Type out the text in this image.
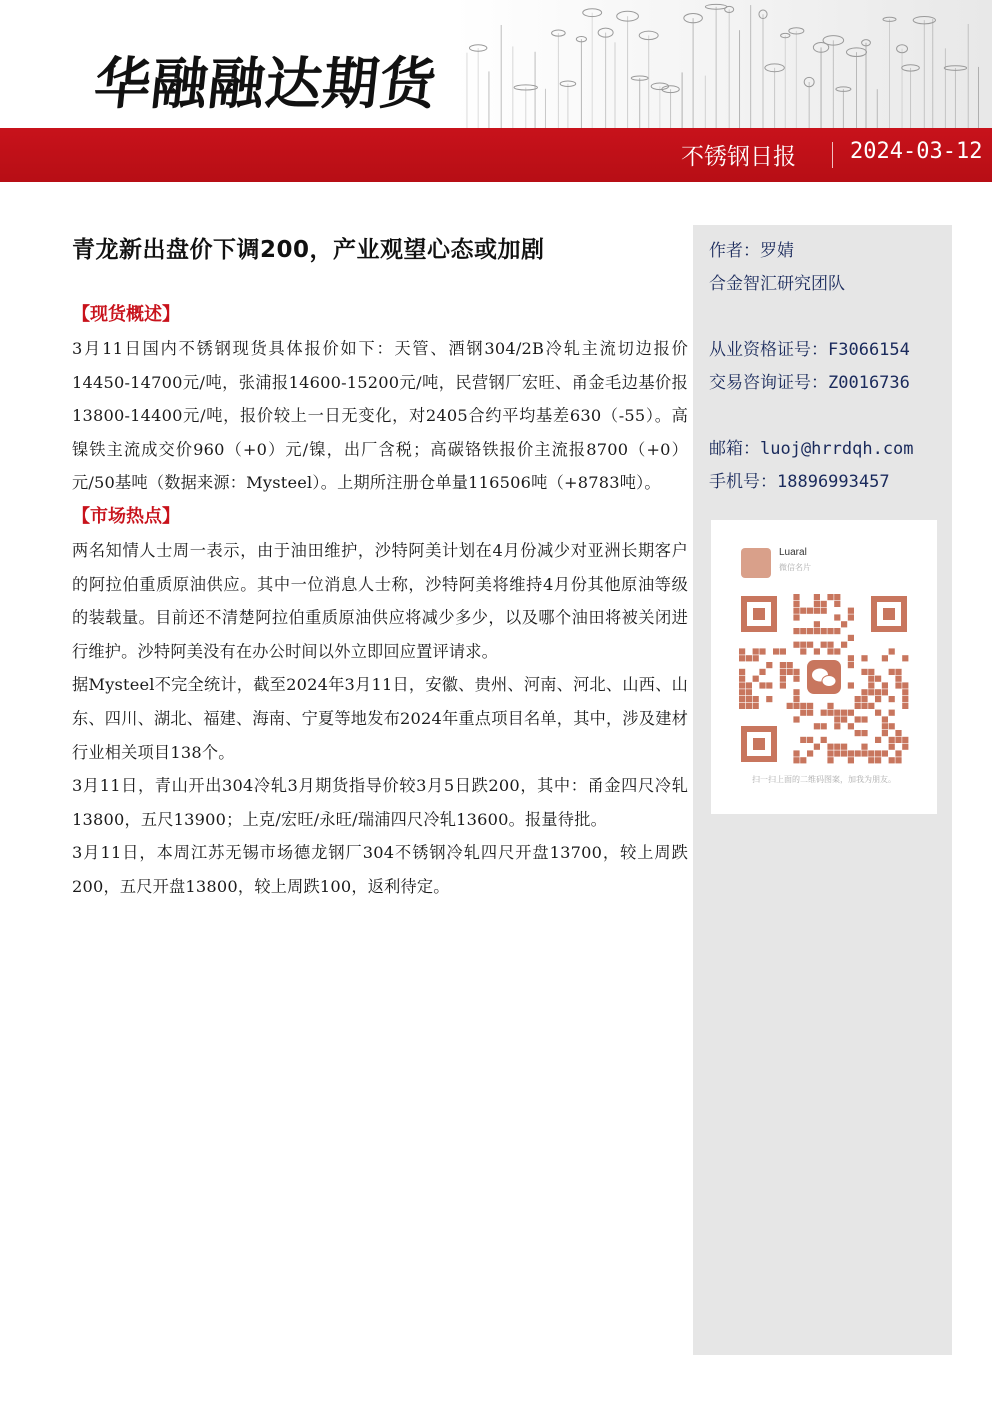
华融融达期货
不锈钢日报 2024-03-12
青龙新出盘价下调200，产业观望心态或加剧
【现货概述】

3月11日国内不锈钢现货具体报价如下：天管、酒钢304/2B冷轧主流切边报价14450-14700元/吨，张浦报14600-15200元/吨，民营钢厂宏旺、甬金毛边基价报13800-14400元/吨，报价较上一日无变化，对2405合约平均基差630（-55）。高镍铁主流成交价960（+0）元/镍，出厂含税；高碳铬铁报价主流报8700（+0）元/50基吨（数据来源：Mysteel）。上期所注册仓单量116506吨（+8783吨）。

【市场热点】

两名知情人士周一表示，由于油田维护，沙特阿美计划在4月份减少对亚洲长期客户的阿拉伯重质原油供应。其中一位消息人士称，沙特阿美将维持4月份其他原油等级的装载量。目前还不清楚阿拉伯重质原油供应将减少多少，以及哪个油田将被关闭进行维护。沙特阿美没有在办公时间以外立即回应置评请求。

据Mysteel不完全统计，截至2024年3月11日，安徽、贵州、河南、河北、山西、山东、四川、湖北、福建、海南、宁夏等地发布2024年重点项目名单，其中，涉及建材行业相关项目138个。

3月11日，青山开出304冷轧3月期货指导价较3月5日跌200，其中：甬金四尺冷轧13800，五尺13900；上克/宏旺/永旺/瑞浦四尺冷轧13600。报量待批。

3月11日，本周江苏无锡市场德龙钢厂304不锈钢冷轧四尺开盘13700，较上周跌200，五尺开盘13800，较上周跌100，返利待定。

作者：罗婧
合金智汇研究团队
从业资格证号：F3066154
交易咨询证号：Z0016736
邮箱：luoj@hrrdqh.com
手机号：18896993457
Luaral
微信名片
扫一扫上面的二维码图案，加我为朋友。
